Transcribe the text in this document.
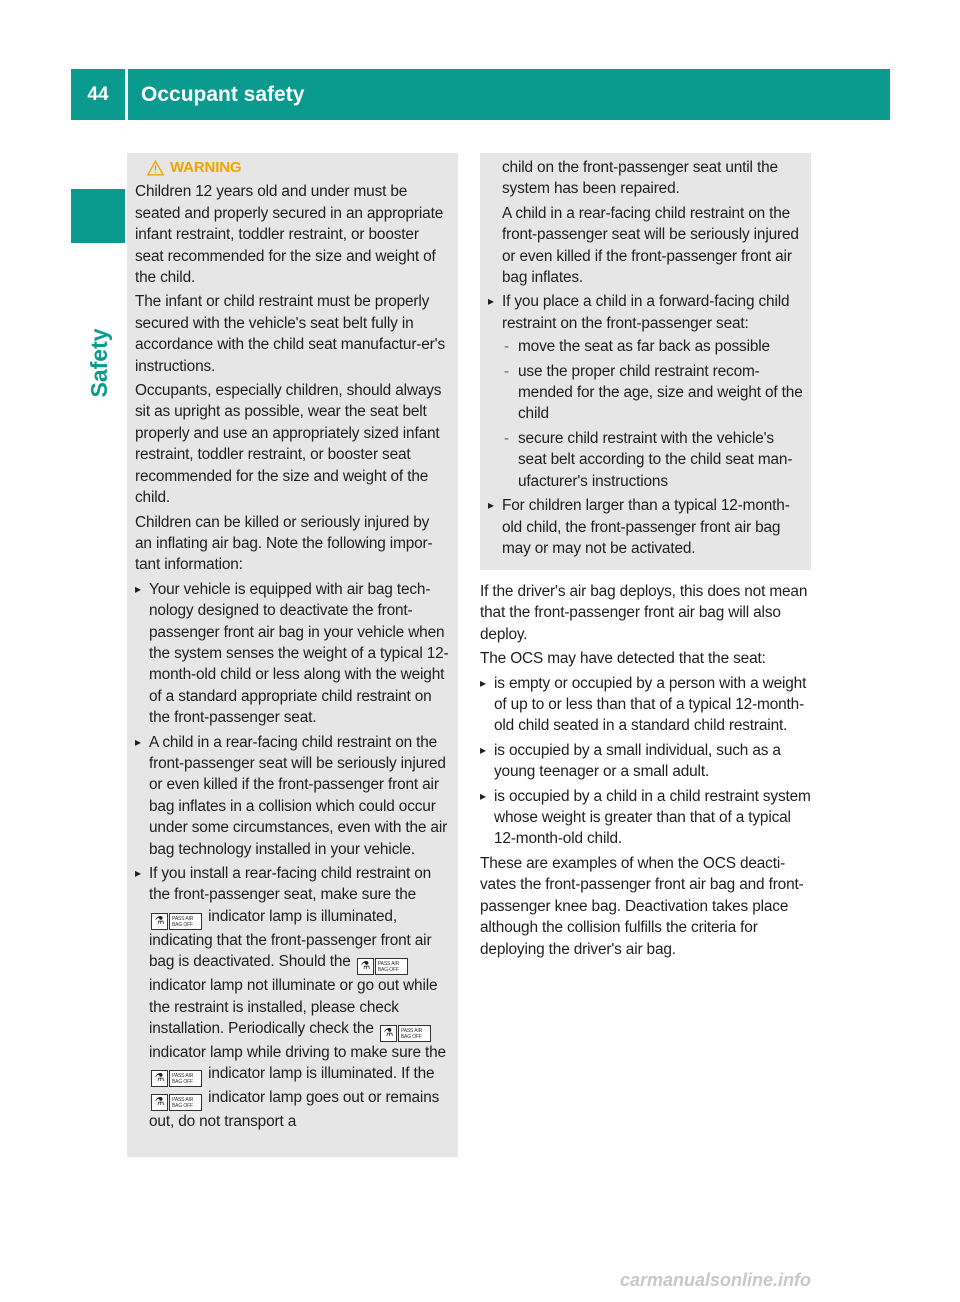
44	Occupant safety
Safety
WARNING

Children 12 years old and under must be seated and properly secured in an appropriate infant restraint, toddler restraint, or booster seat recommended for the size and weight of the child.

The infant or child restraint must be properly secured with the vehicle's seat belt fully in accordance with the child seat manufactur-er's instructions.

Occupants, especially children, should always sit as upright as possible, wear the seat belt properly and use an appropriately sized infant restraint, toddler restraint, or booster seat recommended for the size and weight of the child.

Children can be killed or seriously injured by an inflating air bag. Note the following impor-tant information:

▸ Your vehicle is equipped with air bag tech-nology designed to deactivate the front-passenger front air bag in your vehicle when the system senses the weight of a typical 12-month-old child or less along with the weight of a standard appropriate child restraint on the front-passenger seat.
▸ A child in a rear-facing child restraint on the front-passenger seat will be seriously injured or even killed if the front-passenger front air bag inflates in a collision which could occur under some circumstances, even with the air bag technology installed in your vehicle.
▸ If you install a rear-facing child restraint on the front-passenger seat, make sure the
⚗	PASS AIR BAG OFF indicator lamp is illuminated, indicating that the front-passenger front air bag is deactivated. Should the ⚗	PASS AIR BAG OFF
indicator lamp not illuminate or go out while the restraint is installed, please check installation. Periodically check the ⚗	PASS AIR BAG OFF
indicator lamp while driving to make sure the
⚗	PASS AIR BAG OFF indicator lamp is illuminated. If the
⚗	PASS AIR BAG OFF indicator lamp goes out or remains out, do not transport a

child on the front-passenger seat until the system has been repaired.

A child in a rear-facing child restraint on the front-passenger seat will be seriously injured or even killed if the front-passenger front air bag inflates.

▸ If you place a child in a forward-facing child restraint on the front-passenger seat:
- move the seat as far back as possible
- use the proper child restraint recom-mended for the age, size and weight of the child
- secure child restraint with the vehicle's seat belt according to the child seat man-ufacturer's instructions
▸ For children larger than a typical 12-month-old child, the front-passenger front air bag may or may not be activated.

If the driver's air bag deploys, this does not mean that the front-passenger front air bag will also deploy.

The OCS may have detected that the seat:

▸ is empty or occupied by a person with a weight of up to or less than that of a typical 12-month-old child seated in a standard child restraint.
▸ is occupied by a small individual, such as a young teenager or a small adult.
▸ is occupied by a child in a child restraint system whose weight is greater than that of a typical 12-month-old child.

These are examples of when the OCS deacti-vates the front-passenger front air bag and front-passenger knee bag. Deactivation takes place although the collision fulfills the criteria for deploying the driver's air bag.

carmanualsonline.info
